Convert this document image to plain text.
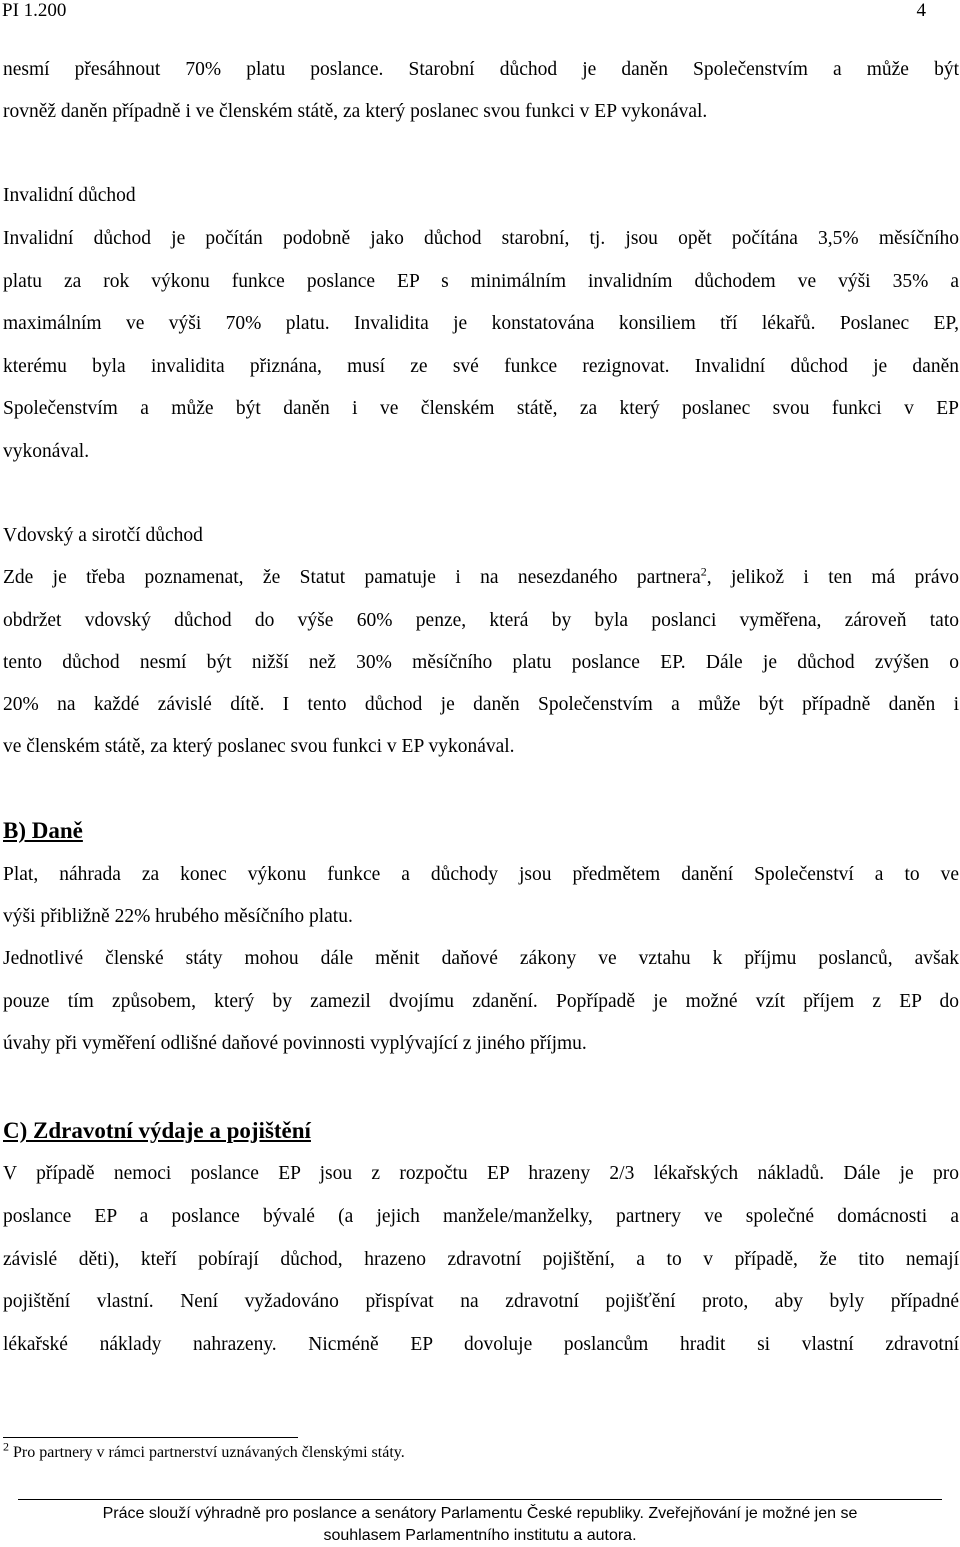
PI 1.200	4
nesmí přesáhnout 70% platu poslance. Starobní důchod je daněn Společenstvím a může být
rovněž daněn případně i ve členském státě, za který poslanec svou funkci v EP vykonával.
Invalidní důchod
Invalidní důchod je počítán podobně jako důchod starobní, tj. jsou opět počítána 3,5% měsíčního
platu za rok výkonu funkce poslance EP s minimálním invalidním důchodem ve výši 35% a
maximálním ve výši 70% platu. Invalidita je konstatována konsiliem tří lékařů. Poslanec EP,
kterému byla invalidita přiznána, musí ze své funkce rezignovat. Invalidní důchod je daněn
Společenstvím a může být daněn i ve členském státě, za který poslanec svou funkci v EP
vykonával.
Vdovský a sirotčí důchod
Zde je třeba poznamenat, že Statut pamatuje i na nesezdaného partnera$^2$, jelikož i ten má právo
obdržet vdovský důchod do výše 60% penze, která by byla poslanci vyměřena, zároveň tato
tento důchod nesmí být nižší než 30% měsíčního platu poslance EP. Dále je důchod zvýšen o
20% na každé závislé dítě. I tento důchod je daněn Společenstvím a může být případně daněn i
ve členském státě, za který poslanec svou funkci v EP vykonával.
B) Daně
Plat, náhrada za konec výkonu funkce a důchody jsou předmětem danění Společenství a to ve
výši přibližně 22% hrubého měsíčního platu.
Jednotlivé členské státy mohou dále měnit daňové zákony ve vztahu k příjmu poslanců, avšak
pouze tím způsobem, který by zamezil dvojímu zdanění. Popřípadě je možné vzít příjem z EP do
úvahy při vyměření odlišné daňové povinnosti vyplývající z jiného příjmu.
C) Zdravotní výdaje a pojištění
V případě nemoci poslance EP jsou z rozpočtu EP hrazeny 2/3 lékařských nákladů. Dále je pro
poslance EP a poslance bývalé (a jejich manžele/manželky, partnery ve společné domácnosti a
závislé děti), kteří pobírají důchod, hrazeno zdravotní pojištění, a to v případě, že tito nemají
pojištění vlastní. Není vyžadováno přispívat na zdravotní pojišťění proto, aby byly případné
lékařské náklady nahrazeny. Nicméně EP dovoluje poslancům hradit si vlastní zdravotní
$^2$ Pro partnery v rámci partnerství uznávaných členskými státy.
Práce slouží výhradně pro poslance a senátory Parlamentu České republiky. Zveřejňování je možné jen se
souhlasem Parlamentního institutu a autora.
